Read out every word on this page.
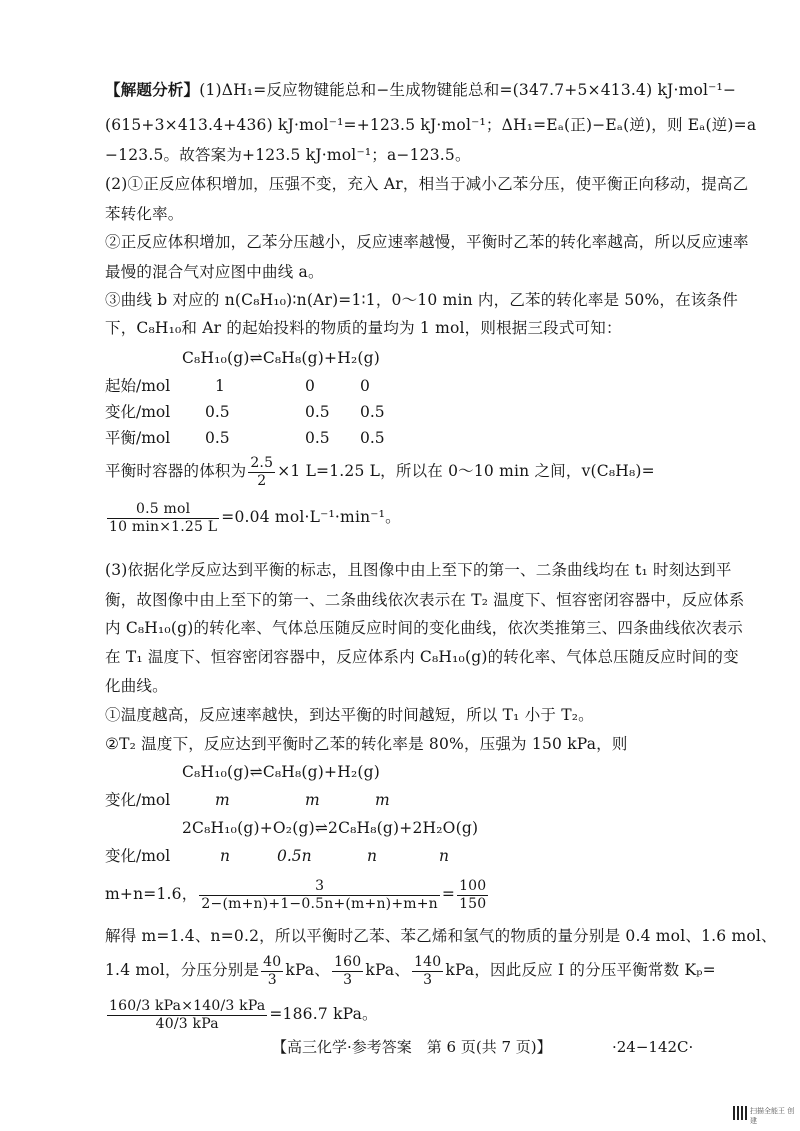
【解题分析】(1)ΔH₁=反应物键能总和−生成物键能总和=(347.7+5×413.4) kJ·mol⁻¹−
(615+3×413.4+436) kJ·mol⁻¹=+123.5 kJ·mol⁻¹；ΔH₁=Eₐ(正)−Eₐ(逆)，则 Eₐ(逆)=a
−123.5。故答案为+123.5 kJ·mol⁻¹；a−123.5。
(2)①正反应体积增加，压强不变，充入 Ar，相当于减小乙苯分压，使平衡正向移动，提高乙
苯转化率。
②正反应体积增加，乙苯分压越小，反应速率越慢，平衡时乙苯的转化率越高，所以反应速率
最慢的混合气对应图中曲线 a。
③曲线 b 对应的 n(C₈H₁₀)∶n(Ar)=1∶1，0～10 min 内，乙苯的转化率是 50%，在该条件
下，C₈H₁₀和 Ar 的起始投料的物质的量均为 1 mol，则根据三段式可知：
C₈H₁₀(g)⇌C₈H₈(g)+H₂(g)
起始/mol	1	0	0
变化/mol 0.5	0.5 0.5
平衡/mol 0.5	0.5 0.5
平衡时容器的体积为 $\frac{2.5}{2} \times 1$ L=1.25 L，所以在 0～10 min 之间，v(C₈H₈)=
$\frac{\text{0.5 mol}}{10 \min\times 1.25 L} =0.04$ mol·L⁻¹·min⁻¹。
(3)依据化学反应达到平衡的标志，且图像中由上至下的第一、二条曲线均在 t₁ 时刻达到平
衡，故图像中由上至下的第一、二条曲线依次表示在 T₂ 温度下、恒容密闭容器中，反应体系
内 C₈H₁₀(g)的转化率、气体总压随反应时间的变化曲线，依次类推第三、四条曲线依次表示
在 T₁ 温度下、恒容密闭容器中，反应体系内 C₈H₁₀(g)的转化率、气体总压随反应时间的变
化曲线。
①温度越高，反应速率越快，到达平衡的时间越短，所以 T₁ 小于 T₂。
②T₂ 温度下，反应达到平衡时乙苯的转化率是 80%，压强为 150 kPa，则
C₈H₁₀(g)⇌C₈H₈(g)+H₂(g)
变化/mol	m	m	m
2C₈H₁₀(g)+O₂(g)⇌2C₈H₈(g)+2H₂O(g)
变化/mol	n	0.5n	n	n
m+n=1.6， $\frac{3}{2-(m+n)+1-0.5n+(m+n)+m+n} = \frac{100}{150}$
解得 m=1.4、n=0.2，所以平衡时乙苯、苯乙烯和氢气的物质的量分别是 0.4 mol、1.6 mol、
1.4 mol，分压分别是 $\frac{40}{3}$ kPa、 $\frac{160}{3}$ kPa、 $\frac{140}{3}$ kPa，因此反应 Ⅰ 的分压平衡常数 Kₚ=
$\frac{\text{160/3 kPa×140/3 kPa}}{\text{40/3 kPa}} =186.7$ kPa。
【高三化学·参考答案　第 6 页(共 7 页)】	·24−142C·
扫描全能王 创建
